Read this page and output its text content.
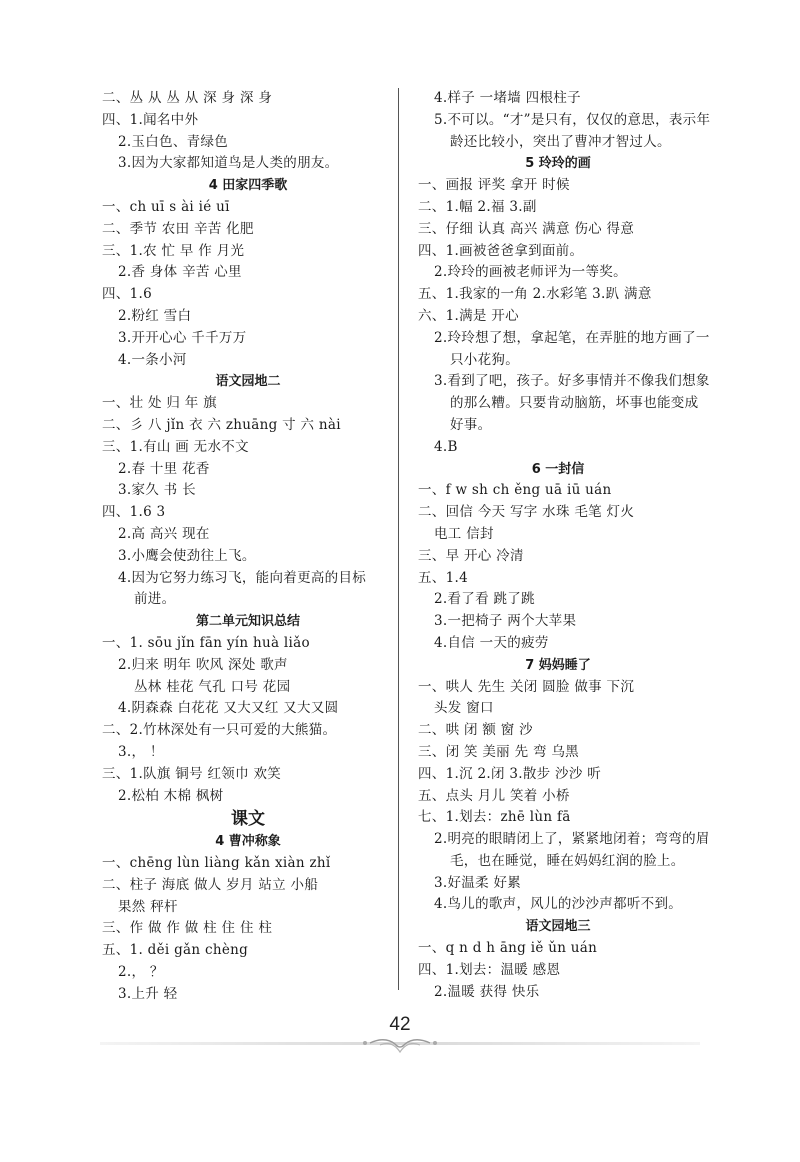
二、丛 从 丛 从 深 身 深 身
四、1.闻名中外
2.玉白色、青绿色
3.因为大家都知道鸟是人类的朋友。
4 田家四季歌
一、ch uī s ài ié uī
二、季节 农田 辛苦 化肥
三、1.农 忙 早 作 月光
2.香 身体 辛苦 心里
四、1.6
2.粉红 雪白
3.开开心心 千千万万
4.一条小河
语文园地二
一、壮 处 归 年 旗
二、彡 八 jǐn 衣 六 zhuāng 寸 六 nài
三、1.有山 画 无水不文
2.春 十里 花香
3.家久 书 长
四、1.6 3
2.高 高兴 现在
3.小鹰会使劲往上飞。
4.因为它努力练习飞，能向着更高的目标
前进。
第二单元知识总结
一、1. sōu jǐn fān yín huà liǎo
2.归来 明年 吹风 深处 歌声
丛林 桂花 气孔 口号 花园
4.阴森森 白花花 又大又红 又大又圆
二、2.竹林深处有一只可爱的大熊猫。
3.， ！
三、1.队旗 铜号 红领巾 欢笑
2.松柏 木棉 枫树
课文
4 曹冲称象
一、chēng lùn liàng kǎn xiàn zhǐ
二、柱子 海底 做人 岁月 站立 小船
果然 秤杆
三、作 做 作 做 柱 住 住 柱
五、1. děi gǎn chèng
2.， ？
3.上升 轻
4.样子 一堵墙 四根柱子
5.不可以。“才”是只有，仅仅的意思，表示年
龄还比较小，突出了曹冲才智过人。
5 玲玲的画
一、画报 评奖 拿开 时候
二、1.幅 2.福 3.副
三、仔细 认真 高兴 满意 伤心 得意
四、1.画被爸爸拿到面前。
2.玲玲的画被老师评为一等奖。
五、1.我家的一角 2.水彩笔 3.趴 满意
六、1.满是 开心
2.玲玲想了想，拿起笔，在弄脏的地方画了一
只小花狗。
3.看到了吧，孩子。好多事情并不像我们想象
的那么糟。只要肯动脑筋，坏事也能变成
好事。
4.B
6 一封信
一、f w sh ch ěng uā iū uán
二、回信 今天 写字 水珠 毛笔 灯火
电工 信封
三、早 开心 冷清
五、1.4
2.看了看 跳了跳
3.一把椅子 两个大苹果
4.自信 一天的疲劳
7 妈妈睡了
一、哄人 先生 关闭 圆脸 做事 下沉
头发 窗口
二、哄 闭 额 窗 沙
三、闭 笑 美丽 先 弯 乌黑
四、1.沉 2.闭 3.散步 沙沙 听
五、点头 月儿 笑着 小桥
七、1.划去：zhē lùn fā
2.明亮的眼睛闭上了，紧紧地闭着；弯弯的眉
毛，也在睡觉，睡在妈妈红润的脸上。
3.好温柔 好累
4.鸟儿的歌声，风儿的沙沙声都听不到。
语文园地三
一、q n d h āng iě ǔn uán
四、1.划去：温暖 感恩
2.温暖 获得 快乐
42
